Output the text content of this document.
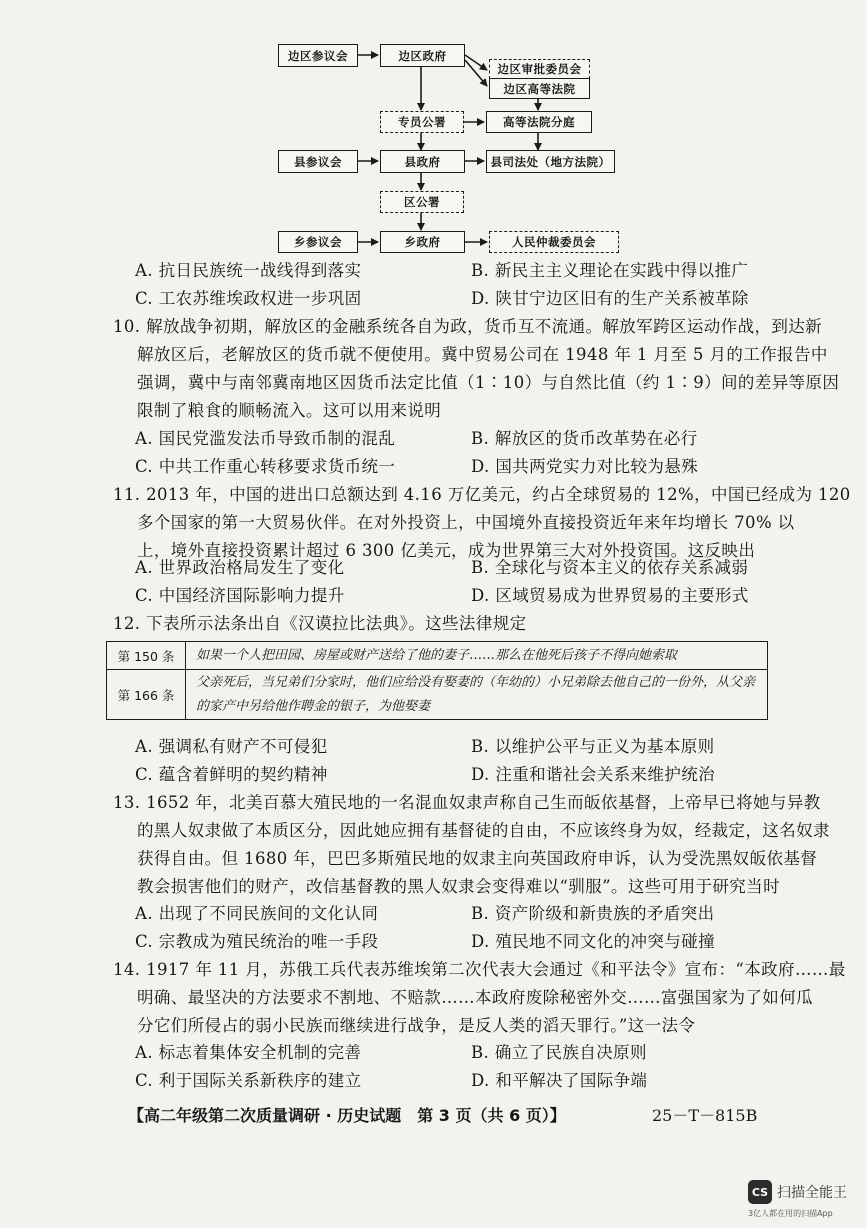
边区参议会	边区政府
边区审批委员会
边区高等法院
专员公署	高等法院分庭
县参议会	县政府	县司法处（地方法院）
区公署
乡参议会	乡政府	人民仲裁委员会
A. 抗日民族统一战线得到落实	B. 新民主主义理论在实践中得以推广
C. 工农苏维埃政权进一步巩固	D. 陕甘宁边区旧有的生产关系被革除
10. 解放战争初期，解放区的金融系统各自为政，货币互不流通。解放军跨区运动作战，到达新
解放区后，老解放区的货币就不便使用。冀中贸易公司在 1948 年 1 月至 5 月的工作报告中
强调，冀中与南邻冀南地区因货币法定比值（1∶10）与自然比值（约 1∶9）间的差异等原因
限制了粮食的顺畅流入。这可以用来说明
A. 国民党滥发法币导致币制的混乱	B. 解放区的货币改革势在必行
C. 中共工作重心转移要求货币统一	D. 国共两党实力对比较为悬殊
11. 2013 年，中国的进出口总额达到 4.16 万亿美元，约占全球贸易的 12%，中国已经成为 120
多个国家的第一大贸易伙伴。在对外投资上，中国境外直接投资近年来年均增长 70% 以
上，境外直接投资累计超过 6 300 亿美元，成为世界第三大对外投资国。这反映出
A. 世界政治格局发生了变化	B. 全球化与资本主义的依存关系减弱
C. 中国经济国际影响力提升	D. 区域贸易成为世界贸易的主要形式
12. 下表所示法条出自《汉谟拉比法典》。这些法律规定
第 150 条	如果一个人把田园、房屋或财产送给了他的妻子……那么在他死后孩子不得向她索取
第 166 条	父亲死后，当兄弟们分家时，他们应给没有娶妻的（年幼的）小兄弟除去他自己的一份外，从父亲的家产中另给他作聘金的银子，为他娶妻
A. 强调私有财产不可侵犯	B. 以维护公平与正义为基本原则
C. 蕴含着鲜明的契约精神	D. 注重和谐社会关系来维护统治
13. 1652 年，北美百慕大殖民地的一名混血奴隶声称自己生而皈依基督，上帝早已将她与异教
的黑人奴隶做了本质区分，因此她应拥有基督徒的自由，不应该终身为奴，经裁定，这名奴隶
获得自由。但 1680 年，巴巴多斯殖民地的奴隶主向英国政府申诉，认为受洗黑奴皈依基督
教会损害他们的财产，改信基督教的黑人奴隶会变得难以“驯服”。这些可用于研究当时
A. 出现了不同民族间的文化认同	B. 资产阶级和新贵族的矛盾突出
C. 宗教成为殖民统治的唯一手段	D. 殖民地不同文化的冲突与碰撞
14. 1917 年 11 月，苏俄工兵代表苏维埃第二次代表大会通过《和平法令》宣布：“本政府……最
明确、最坚决的方法要求不割地、不赔款……本政府废除秘密外交……富强国家为了如何瓜
分它们所侵占的弱小民族而继续进行战争，是反人类的滔天罪行。”这一法令
A. 标志着集体安全机制的完善	B. 确立了民族自决原则
C. 利于国际关系新秩序的建立	D. 和平解决了国际争端
【高二年级第二次质量调研 · 历史试题　第 3 页（共 6 页）】	25－T－815B
CS 扫描全能王
3亿人都在用的扫描App
